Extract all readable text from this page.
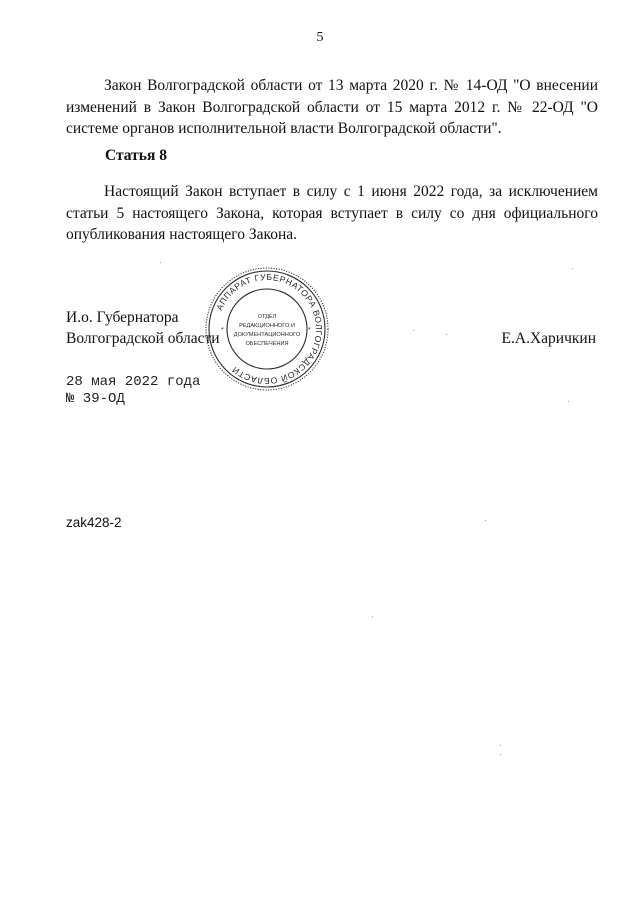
5
Закон Волгоградской области от 13 марта 2020 г. № 14-ОД "О внесении изменений в Закон Волгоградской области от 15 марта 2012 г. № 22-ОД "О системе органов исполнительной власти Волгоградской области".
Статья 8
Настоящий Закон вступает в силу с 1 июня 2022 года, за исключением статьи 5 настоящего Закона, которая вступает в силу со дня официального опубликования настоящего Закона.
И.о. Губернатора
Волгоградской области	Е.А.Харичкин
АППАРАТ ГУБЕРНАТОРА ВОЛГОГРАДСКОЙ ОБЛАСТИ
*	*
ОТДЕЛ
РЕДАКЦИОННОГО И
ДОКУМЕНТАЦИОННОГО
ОБЕСПЕЧЕНИЯ
28 мая 2022 года
№ 39-ОД
zak428-2
